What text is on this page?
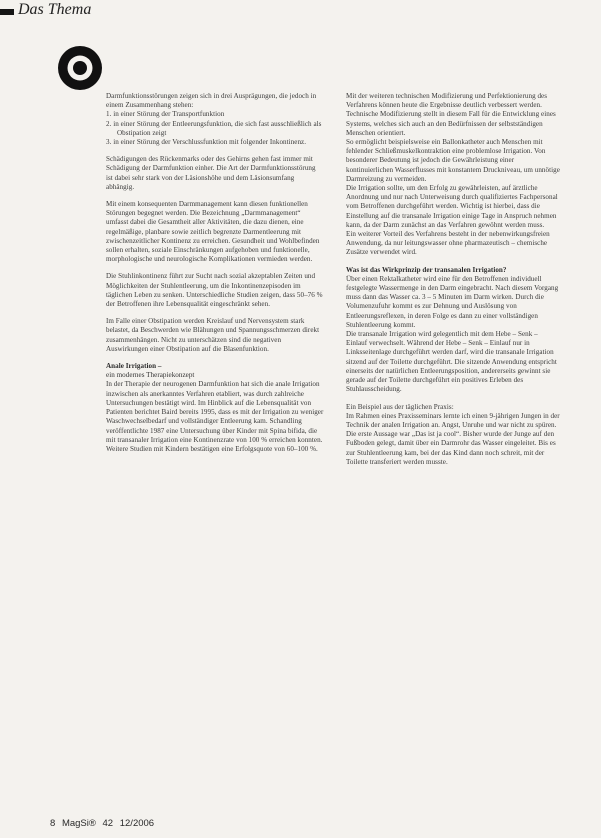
Das Thema

Darmfunktionsstörungen zeigen sich in drei Ausprägungen, die jedoch in einem Zusammenhang stehen:

1. in einer Störung der Transportfunktion
2. in einer Störung der Entleerungsfunktion, die sich fast ausschließlich als Obstipation zeigt
3. in einer Störung der Verschlussfunktion mit folgender Inkontinenz.

Schädigungen des Rückenmarks oder des Gehirns gehen fast immer mit Schädigung der Darmfunktion einher. Die Art der Darmfunktionsstörung ist dabei sehr stark von der Läsionshöhe und dem Läsionsumfang abhängig.

Mit einem konsequenten Darmmanagement kann diesen funktionellen Störungen begegnet werden. Die Bezeichnung „Darmmanagement“ umfasst dabei die Gesamtheit aller Aktivitäten, die dazu dienen, eine regelmäßige, planbare sowie zeitlich begrenzte Darmentleerung mit zwischenzeitlicher Kontinenz zu erreichen. Gesundheit und Wohlbefinden sollen erhalten, soziale Einschränkungen aufgehoben und funktionelle, morphologische und neurologische Komplikationen vermieden werden.

Die Stuhlinkontinenz führt zur Sucht nach sozial akzeptablen Zeiten und Möglichkeiten der Stuhlentleerung, um die Inkontinenzepisoden im täglichen Leben zu senken. Unterschiedliche Studien zeigen, dass 50–76 % der Betroffenen ihre Lebensqualität eingeschränkt sehen.

Im Falle einer Obstipation werden Kreislauf und Nervensystem stark belastet, da Beschwerden wie Blähungen und Spannungsschmerzen direkt zusammenhängen. Nicht zu unterschätzen sind die negativen Auswirkungen einer Obstipation auf die Blasenfunktion.

Anale Irrigation –

ein modernes Therapiekonzept

In der Therapie der neurogenen Darmfunktion hat sich die anale Irrigation inzwischen als anerkanntes Verfahren etabliert, was durch zahlreiche Untersuchungen bestätigt wird. Im Hinblick auf die Lebensqualität von Patienten berichtet Baird bereits 1995, dass es mit der Irrigation zu weniger Waschwechselbedarf und vollständiger Entleerung kam. Schandling veröffentlichte 1987 eine Untersuchung über Kinder mit Spina bifida, die mit transanaler Irrigation eine Kontinenzrate von 100 % erreichen konnten. Weitere Studien mit Kindern bestätigen eine Erfolgsquote von 60–100 %.

Mit der weiteren technischen Modifizierung und Perfektionierung des Verfahrens können heute die Ergebnisse deutlich verbessert werden.

Technische Modifizierung stellt in diesem Fall für die Entwicklung eines Systems, welches sich auch an den Bedürfnissen der selbstständigen Menschen orientiert.

So ermöglicht beispielsweise ein Ballonkatheter auch Menschen mit fehlender Schließmuskelkontraktion eine problemlose Irrigation. Von besonderer Bedeutung ist jedoch die Gewährleistung einer kontinuierlichen Wasserflusses mit konstantem Druckniveau, um unnötige Darmreizung zu vermeiden.

Die Irrigation sollte, um den Erfolg zu gewährleisten, auf ärztliche Anordnung und nur nach Unterweisung durch qualifiziertes Fachpersonal vom Betroffenen durchgeführt werden. Wichtig ist hierbei, dass die Einstellung auf die transanale Irrigation einige Tage in Anspruch nehmen kann, da der Darm zunächst an das Verfahren gewöhnt werden muss.

Ein weiterer Vorteil des Verfahrens besteht in der nebenwirkungsfreien Anwendung, da nur leitungswasser ohne pharmazeutisch – chemische Zusätze verwendet wird.

Was ist das Wirkprinzip der transanalen Irrigation?

Über einen Rektalkatheter wird eine für den Betroffenen individuell festgelegte Wassermenge in den Darm eingebracht. Nach diesem Vorgang muss dann das Wasser ca. 3 – 5 Minuten im Darm wirken. Durch die Volumenzufuhr kommt es zur Dehnung und Auslösung von Entleerungsreflexen, in deren Folge es dann zu einer vollständigen Stuhlentleerung kommt.

Die transanale Irrigation wird gelegentlich mit dem Hebe – Senk – Einlauf verwechselt. Während der Hebe – Senk – Einlauf nur in Linksseitenlage durchgeführt werden darf, wird die transanale Irrigation sitzend auf der Toilette durchgeführt. Die sitzende Anwendung entspricht einerseits der natürlichen Entleerungsposition, andererseits gewinnt sie gerade auf der Toilette durchgeführt ein positives Erleben des Stuhlausscheidung.

Ein Beispiel aus der täglichen Praxis:

Im Rahmen eines Praxisseminars lernte ich einen 9-jährigen Jungen in der Technik der analen Irrigation an. Angst, Unruhe und war nicht zu spüren. Die erste Aussage war „Das ist ja cool“. Bisher wurde der Junge auf den Fußboden gelegt, damit über ein Darmrohr das Wasser eingeleitet. Bis es zur Stuhlentleerung kam, bei der das Kind dann noch schreit, mit der Toilette transferiert werden musste.

8 MagSi® 42 12/2006
